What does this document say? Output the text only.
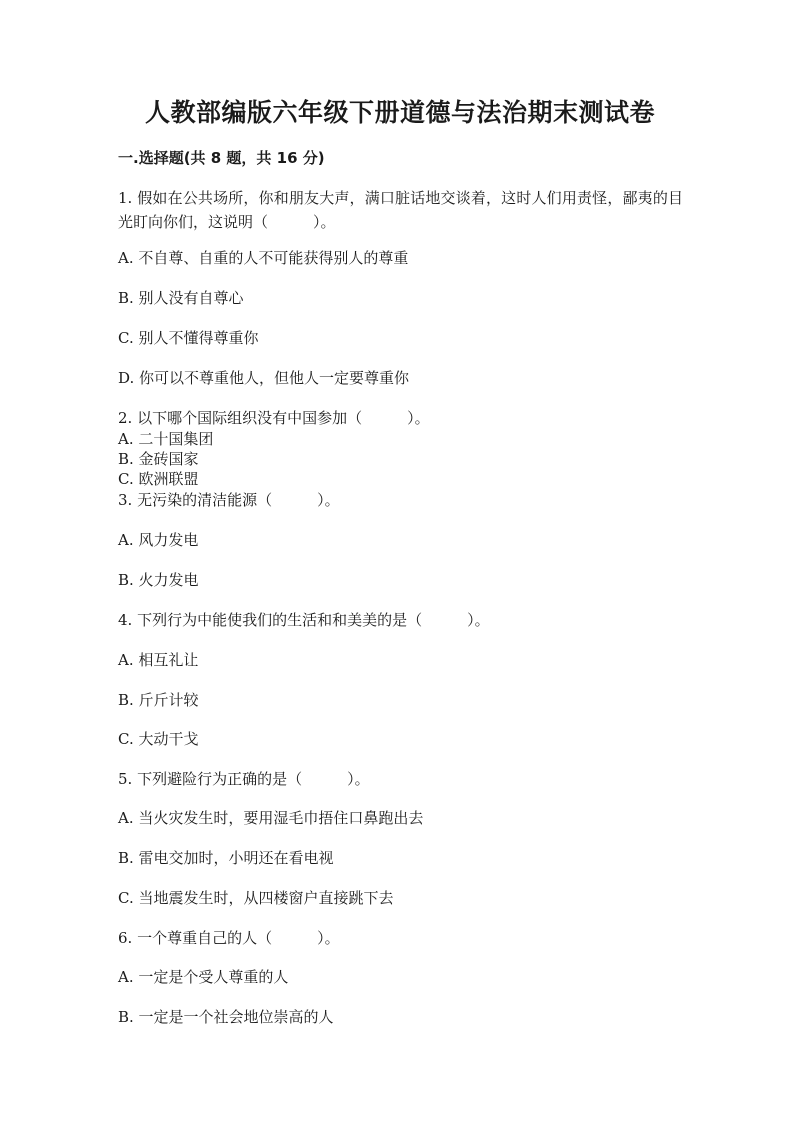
人教部编版六年级下册道德与法治期末测试卷
一.选择题(共 8 题，共 16 分)
1. 假如在公共场所，你和朋友大声，满口脏话地交谈着，这时人们用责怪，鄙夷的目光盯向你们，这说明（　　　）。
A. 不自尊、自重的人不可能获得别人的尊重
B. 别人没有自尊心
C. 别人不懂得尊重你
D. 你可以不尊重他人，但他人一定要尊重你
2. 以下哪个国际组织没有中国参加（　　　）。
A. 二十国集团
B. 金砖国家
C. 欧洲联盟
3. 无污染的清洁能源（　　　）。
A. 风力发电
B. 火力发电
4. 下列行为中能使我们的生活和和美美的是（　　　）。
A. 相互礼让
B. 斤斤计较
C. 大动干戈
5. 下列避险行为正确的是（　　　）。
A. 当火灾发生时，要用湿毛巾捂住口鼻跑出去
B. 雷电交加时，小明还在看电视
C. 当地震发生时，从四楼窗户直接跳下去
6. 一个尊重自己的人（　　　）。
A. 一定是个受人尊重的人
B. 一定是一个社会地位崇高的人
